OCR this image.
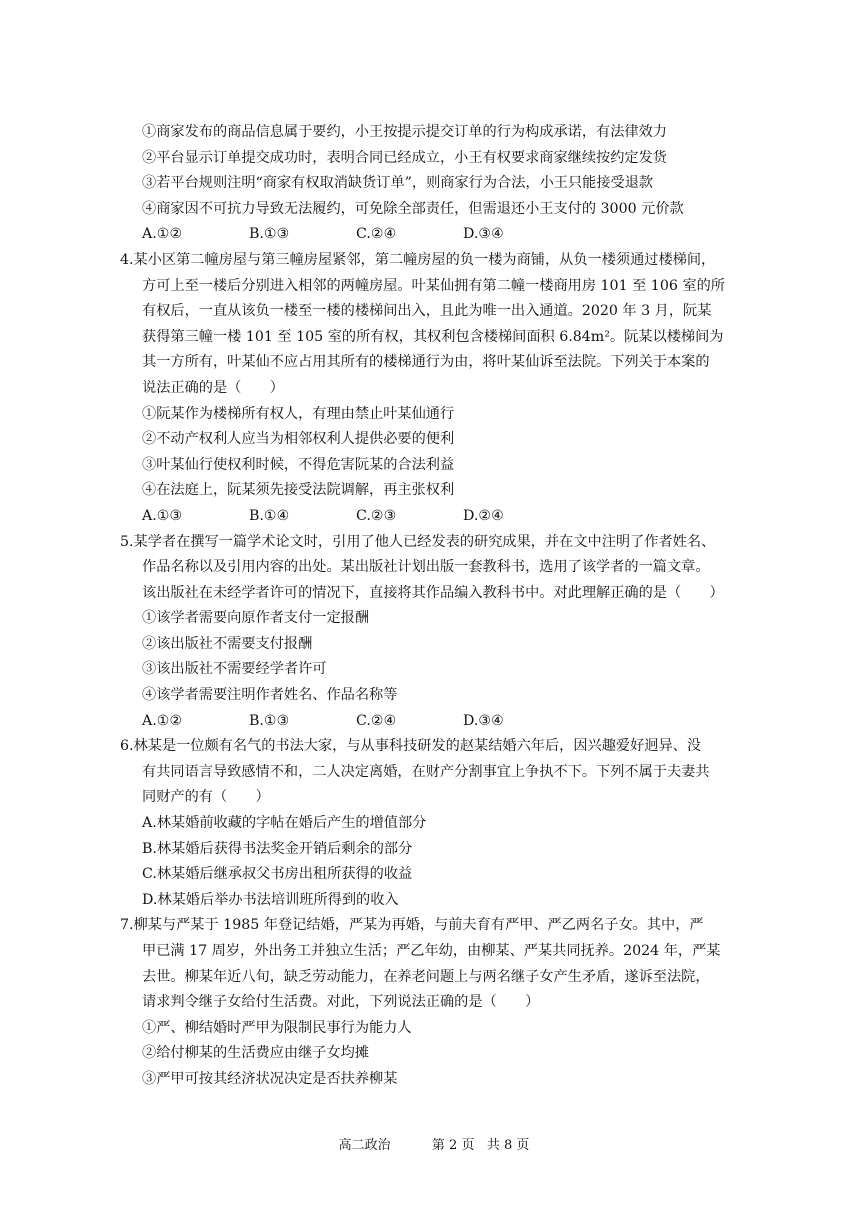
①商家发布的商品信息属于要约，小王按提示提交订单的行为构成承诺，有法律效力
②平台显示订单提交成功时，表明合同已经成立，小王有权要求商家继续按约定发货
③若平台规则注明“商家有权取消缺货订单”，则商家行为合法，小王只能接受退款
④商家因不可抗力导致无法履约，可免除全部责任，但需退还小王支付的 3000 元价款
A.①②	B.①③	C.②④	D.③④
4.某小区第二幢房屋与第三幢房屋紧邻，第二幢房屋的负一楼为商铺，从负一楼须通过楼梯间，
方可上至一楼后分别进入相邻的两幢房屋。叶某仙拥有第二幢一楼商用房 101 至 106 室的所
有权后，一直从该负一楼至一楼的楼梯间出入，且此为唯一出入通道。2020 年 3 月，阮某
获得第三幢一楼 101 至 105 室的所有权，其权利包含楼梯间面积 6.84m²。阮某以楼梯间为
其一方所有，叶某仙不应占用其所有的楼梯通行为由，将叶某仙诉至法院。下列关于本案的
说法正确的是（　　）
①阮某作为楼梯所有权人，有理由禁止叶某仙通行
②不动产权利人应当为相邻权利人提供必要的便利
③叶某仙行使权利时候，不得危害阮某的合法利益
④在法庭上，阮某须先接受法院调解，再主张权利
A.①③	B.①④	C.②③	D.②④
5.某学者在撰写一篇学术论文时，引用了他人已经发表的研究成果，并在文中注明了作者姓名、
作品名称以及引用内容的出处。某出版社计划出版一套教科书，选用了该学者的一篇文章。
该出版社在未经学者许可的情况下，直接将其作品编入教科书中。对此理解正确的是（　　）
①该学者需要向原作者支付一定报酬
②该出版社不需要支付报酬
③该出版社不需要经学者许可
④该学者需要注明作者姓名、作品名称等
A.①②	B.①③	C.②④	D.③④
6.林某是一位颇有名气的书法大家，与从事科技研发的赵某结婚六年后，因兴趣爱好迥异、没
有共同语言导致感情不和，二人决定离婚，在财产分割事宜上争执不下。下列不属于夫妻共
同财产的有（　　）
A.林某婚前收藏的字帖在婚后产生的增值部分
B.林某婚后获得书法奖金开销后剩余的部分
C.林某婚后继承叔父书房出租所获得的收益
D.林某婚后举办书法培训班所得到的收入
7.柳某与严某于 1985 年登记结婚，严某为再婚，与前夫育有严甲、严乙两名子女。其中，严
甲已满 17 周岁，外出务工并独立生活；严乙年幼，由柳某、严某共同抚养。2024 年，严某
去世。柳某年近八旬，缺乏劳动能力，在养老问题上与两名继子女产生矛盾，遂诉至法院，
请求判令继子女给付生活费。对此，下列说法正确的是（　　）
①严、柳结婚时严甲为限制民事行为能力人
②给付柳某的生活费应由继子女均摊
③严甲可按其经济状况决定是否扶养柳某
高二政治	第 2 页 共 8 页
